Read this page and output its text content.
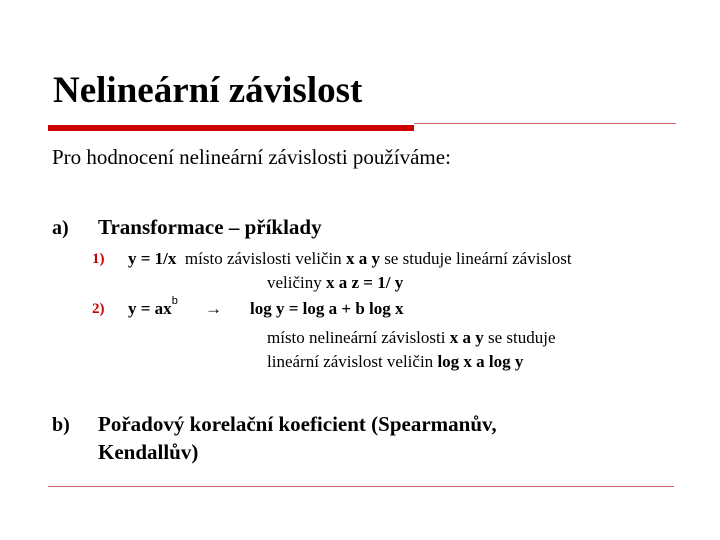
Nelineární závislost
Pro hodnocení nelineární závislosti používáme:
a) Transformace – příklady
1) y = 1/x místo závislosti veličin x a y se studuje lineární závislost
veličiny x a z = 1/ y
2) $y = ax^b \to \log y = \log a + b$ log x
místo nelineární závislosti x a y se studuje
lineární závislost veličin log x a log y
b) Pořadový korelační koeficient (Spearmanův,
Kendallův)
